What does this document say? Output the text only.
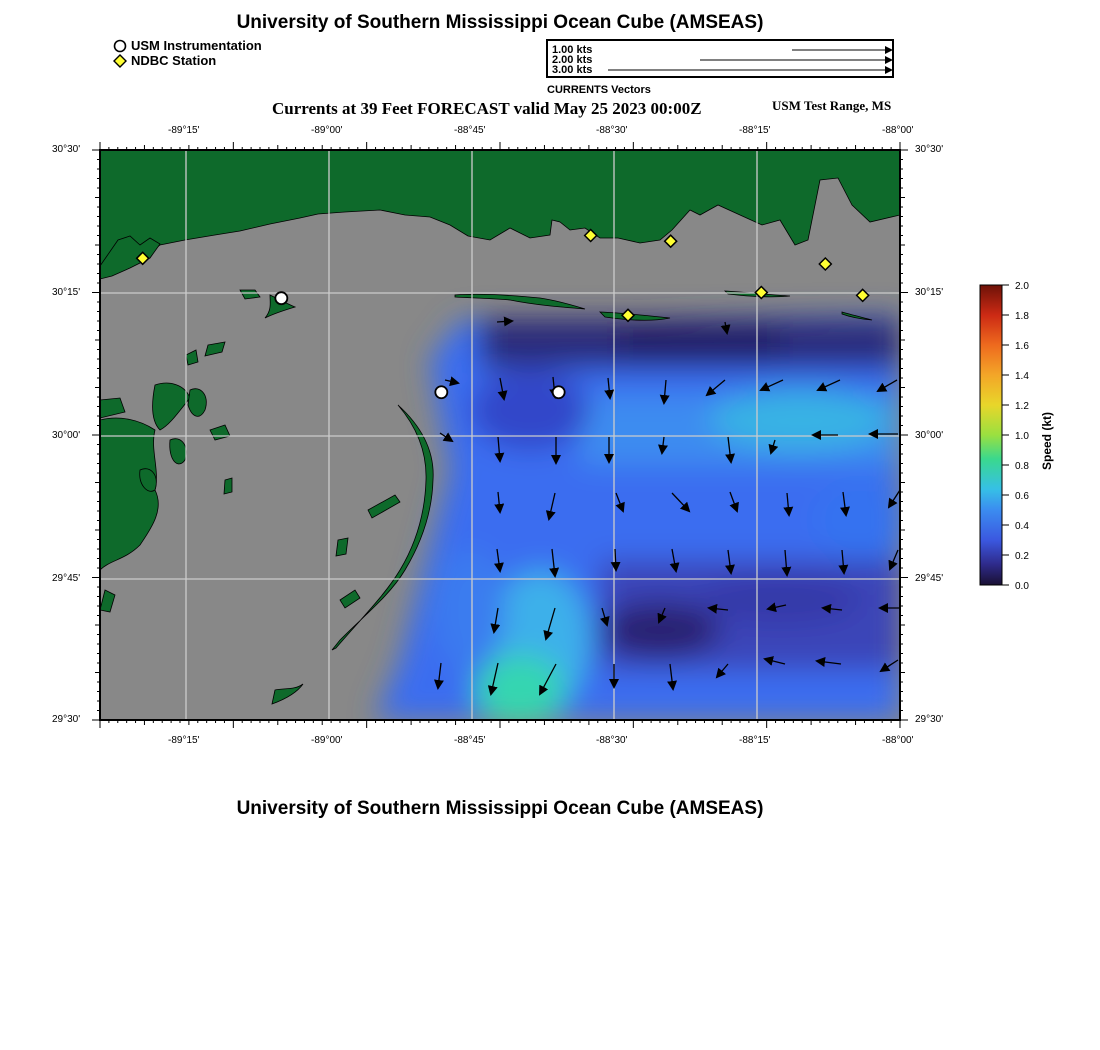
University of Southern Mississippi Ocean Cube (AMSEAS)
USM Instrumentation
NDBC Station
1.00 kts
2.00 kts
3.00 kts
CURRENTS Vectors
Currents at 39 Feet FORECAST valid May 25 2023 00:00Z	USM Test Range, MS
-89°15'	-89°00'	-88°45'	-88°30'	-88°15'	-88°00'
-89°15'	-89°00'	-88°45'	-88°30'	-88°15'	-88°00'
30°30'
30°15'
30°00'
29°45'
29°30'
30°30'
30°15'
30°00'
29°45'
29°30'
2.0
1.8
1.6
1.4
1.2
1.0
0.8
0.6
0.4
0.2
0.0
Speed (kt)
University of Southern Mississippi Ocean Cube (AMSEAS)
